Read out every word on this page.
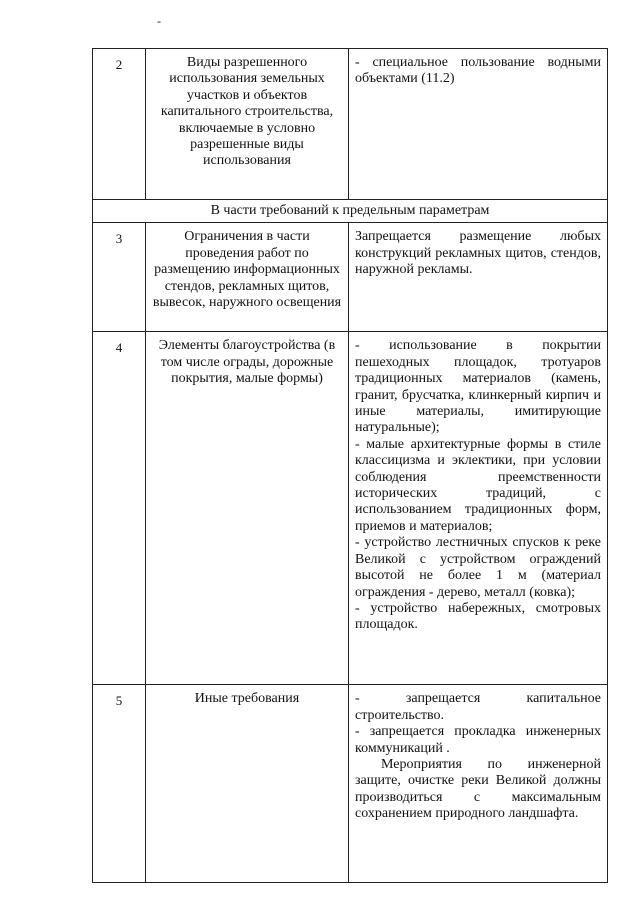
-
2	Виды разрешенного использования земельных участков и объектов капитального строительства, включаемые в условно разрешенные виды использования	- специальное пользование водными объектами (11.2)

В части требований к предельным параметрам		
3	Ограничения в части проведения работ по размещению информационных стендов, рекламных щитов, вывесок, наружного освещения	Запрещается размещение любых конструкций рекламных щитов, стендов, наружной рекламы.

4	Элементы благоустройства (в том числе ограды, дорожные покрытия, малые формы)	- использование в покрытии пешеходных площадок, тротуаров традиционных материалов (камень, гранит, брусчатка, клинкерный кирпич и иные материалы, имитирующие натуральные);

- малые архитектурные формы в стиле классицизма и эклектики, при условии соблюдения преемственности исторических традиций, с использованием традиционных форм, приемов и материалов;

- устройство лестничных спусков к реке Великой с устройством ограждений высотой не более 1 м (материал ограждения - дерево, металл (ковка);

- устройство набережных, смотровых площадок.

5	Иные требования	- запрещается капитальное строительство.

- запрещается прокладка инженерных коммуникаций .

Мероприятия по инженерной защите, очистке реки Великой должны производиться с максимальным сохранением природного ландшафта.
